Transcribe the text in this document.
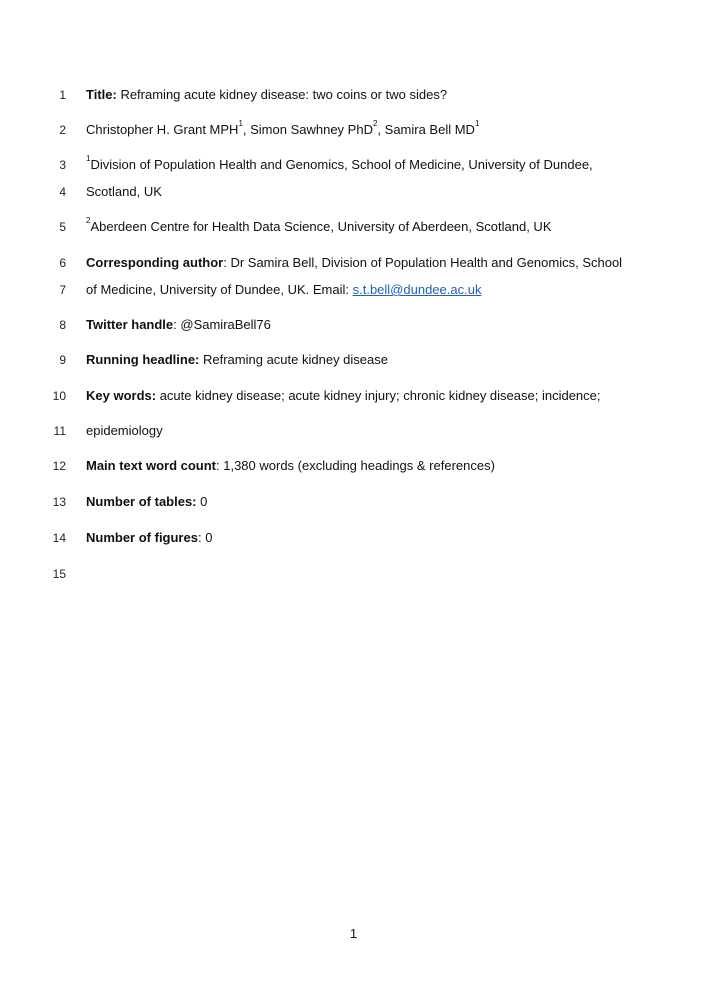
1 Title: Reframing acute kidney disease: two coins or two sides?
2 Christopher H. Grant MPH$^1$, Simon Sawhney PhD$^2$, Samira Bell $MD^1$
3	$^1$Division of Population Health and Genomics, School of Medicine, University of Dundee,
4 Scotland, UK
5	$^2$Aberdeen Centre for Health Data Science, University of Aberdeen, Scotland, UK
6 Corresponding author: Dr Samira Bell, Division of Population Health and Genomics, School
7 of Medicine, University of Dundee, UK. Email: s.t.bell@dundee.ac.uk
8 Twitter handle: @SamiraBell76
9 Running headline: Reframing acute kidney disease
10 Key words: acute kidney disease; acute kidney injury; chronic kidney disease; incidence;
11 epidemiology
12 Main text word count: 1,380 words (excluding headings & references)
13 Number of tables: 0
14 Number of figures: 0
15
1
